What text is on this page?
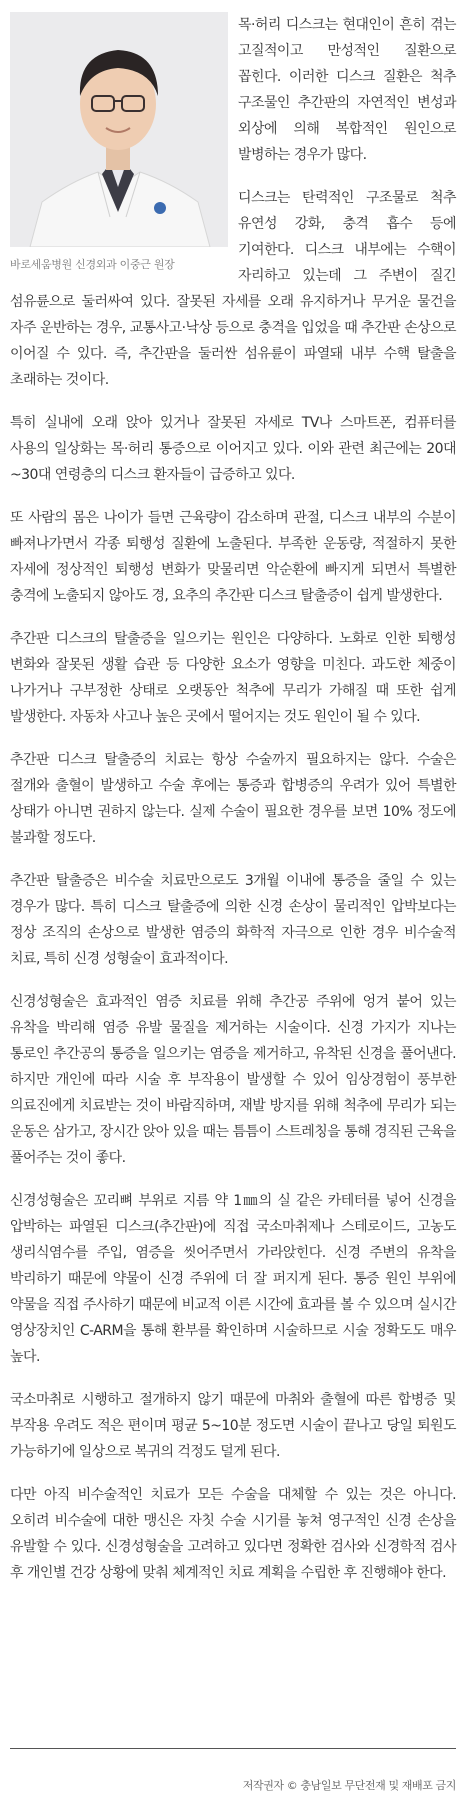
바로세움병원 신경외과 이중근 원장

목·허리 디스크는 현대인이 흔히 겪는 고질적이고 만성적인 질환으로 꼽힌다. 이러한 디스크 질환은 척추 구조물인 추간판의 자연적인 변성과 외상에 의해 복합적인 원인으로 발병하는 경우가 많다.

디스크는 탄력적인 구조물로 척추 유연성 강화, 충격 흡수 등에 기여한다. 디스크 내부에는 수핵이 자리하고 있는데 그 주변이 질긴 섬유륜으로 둘러싸여 있다. 잘못된 자세를 오래 유지하거나 무거운 물건을 자주 운반하는 경우, 교통사고·낙상 등으로 충격을 입었을 때 추간판 손상으로 이어질 수 있다. 즉, 추간판을 둘러싼 섬유륜이 파열돼 내부 수핵 탈출을 초래하는 것이다.

특히 실내에 오래 앉아 있거나 잘못된 자세로 TV나 스마트폰, 컴퓨터를 사용의 일상화는 목·허리 통증으로 이어지고 있다. 이와 관련 최근에는 20대~30대 연령층의 디스크 환자들이 급증하고 있다.

또 사람의 몸은 나이가 들면 근육량이 감소하며 관절, 디스크 내부의 수분이 빠져나가면서 각종 퇴행성 질환에 노출된다. 부족한 운동량, 적절하지 못한 자세에 정상적인 퇴행성 변화가 맞물리면 악순환에 빠지게 되면서 특별한 충격에 노출되지 않아도 경, 요추의 추간판 디스크 탈출증이 쉽게 발생한다.

추간판 디스크의 탈출증을 일으키는 원인은 다양하다. 노화로 인한 퇴행성 변화와 잘못된 생활 습관 등 다양한 요소가 영향을 미친다. 과도한 체중이 나가거나 구부정한 상태로 오랫동안 척추에 무리가 가해질 때 또한 쉽게 발생한다. 자동차 사고나 높은 곳에서 떨어지는 것도 원인이 될 수 있다.

추간판 디스크 탈출증의 치료는 항상 수술까지 필요하지는 않다. 수술은 절개와 출혈이 발생하고 수술 후에는 통증과 합병증의 우려가 있어 특별한 상태가 아니면 권하지 않는다. 실제 수술이 필요한 경우를 보면 10% 정도에 불과할 정도다.

추간판 탈출증은 비수술 치료만으로도 3개월 이내에 통증을 줄일 수 있는 경우가 많다. 특히 디스크 탈출증에 의한 신경 손상이 물리적인 압박보다는 정상 조직의 손상으로 발생한 염증의 화학적 자극으로 인한 경우 비수술적 치료, 특히 신경 성형술이 효과적이다.

신경성형술은 효과적인 염증 치료를 위해 추간공 주위에 엉겨 붙어 있는 유착을 박리해 염증 유발 물질을 제거하는 시술이다. 신경 가지가 지나는 통로인 추간공의 통증을 일으키는 염증을 제거하고, 유착된 신경을 풀어낸다. 하지만 개인에 따라 시술 후 부작용이 발생할 수 있어 임상경험이 풍부한 의료진에게 치료받는 것이 바람직하며, 재발 방지를 위해 척추에 무리가 되는 운동은 삼가고, 장시간 앉아 있을 때는 틈틈이 스트레칭을 통해 경직된 근육을 풀어주는 것이 좋다.

신경성형술은 꼬리뼈 부위로 지름 약 1㎜의 실 같은 카테터를 넣어 신경을 압박하는 파열된 디스크(추간판)에 직접 국소마취제나 스테로이드, 고농도 생리식염수를 주입, 염증을 씻어주면서 가라앉힌다. 신경 주변의 유착을 박리하기 때문에 약물이 신경 주위에 더 잘 퍼지게 된다. 통증 원인 부위에 약물을 직접 주사하기 때문에 비교적 이른 시간에 효과를 볼 수 있으며 실시간 영상장치인 C-ARM을 통해 환부를 확인하며 시술하므로 시술 정확도도 매우 높다.

국소마취로 시행하고 절개하지 않기 때문에 마취와 출혈에 따른 합병증 및 부작용 우려도 적은 편이며 평균 5~10분 정도면 시술이 끝나고 당일 퇴원도 가능하기에 일상으로 복귀의 걱정도 덜게 된다.

다만 아직 비수술적인 치료가 모든 수술을 대체할 수 있는 것은 아니다. 오히려 비수술에 대한 맹신은 자칫 수술 시기를 놓쳐 영구적인 신경 손상을 유발할 수 있다. 신경성형술을 고려하고 있다면 정확한 검사와 신경학적 검사 후 개인별 건강 상황에 맞춰 체계적인 치료 계획을 수립한 후 진행해야 한다.

저작권자 © 충남일보 무단전재 및 재배포 금지
